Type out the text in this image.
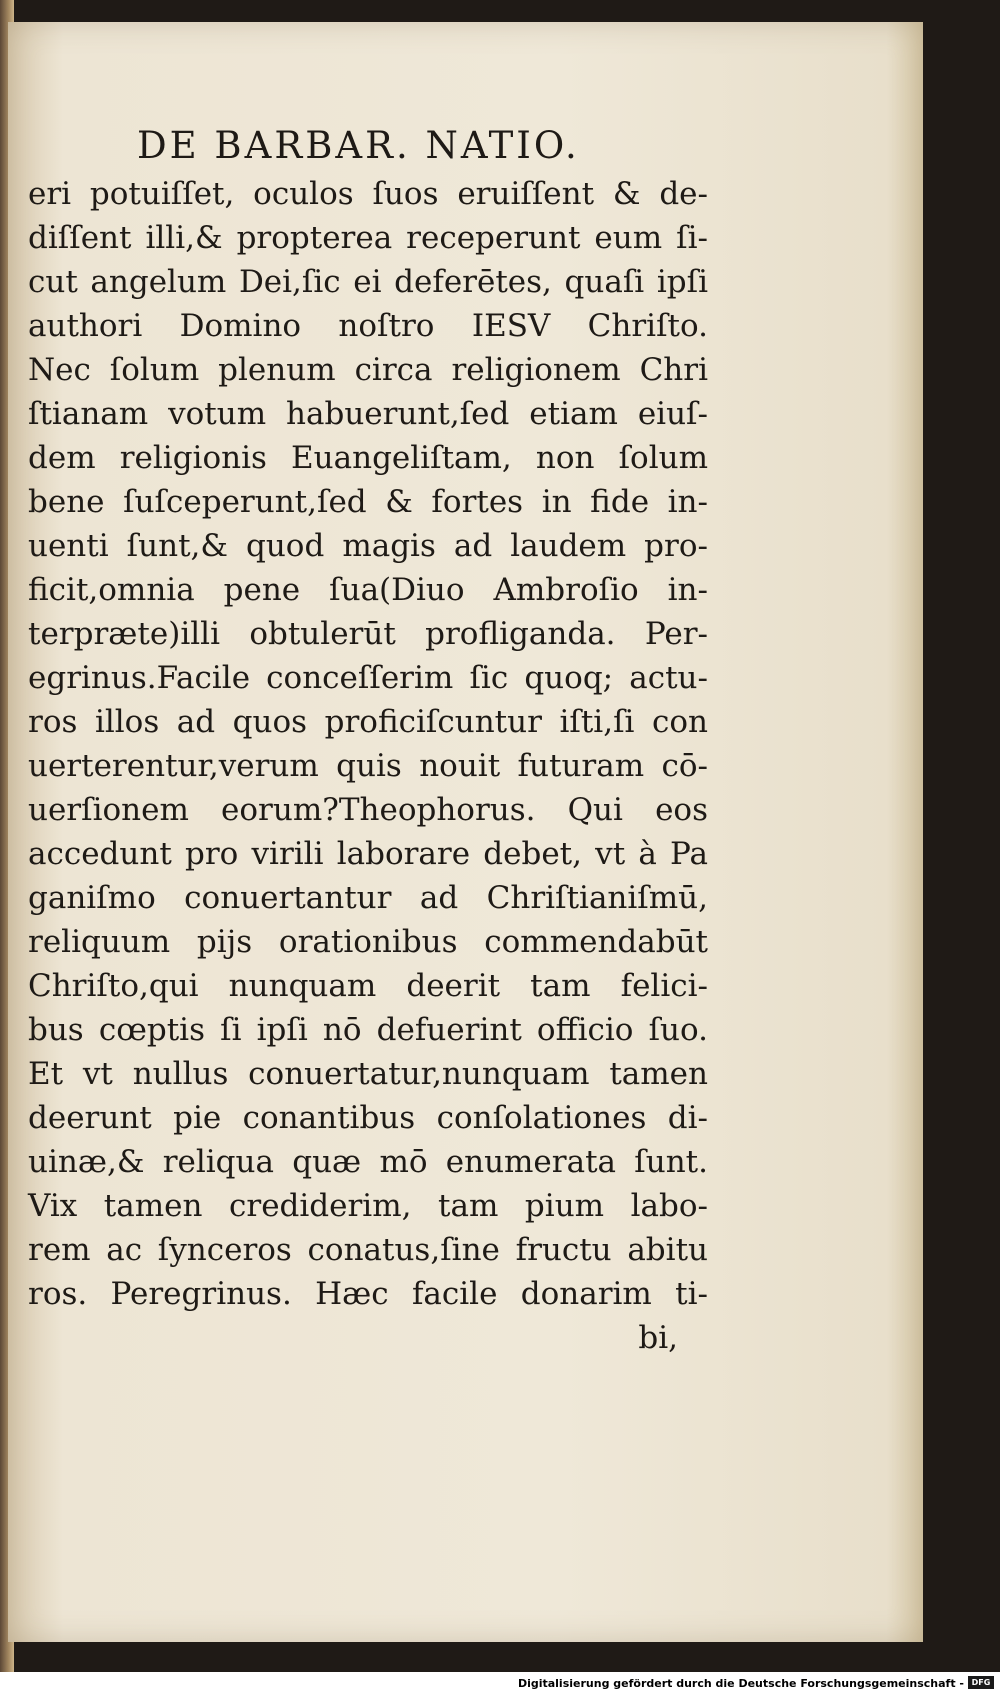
DE BARBAR. NATIO.
eri potuiſſet, oculos ſuos eruiſſent & de-
diſſent illi,& propterea receperunt eum ſi-
cut angelum Dei,ſic ei deferētes, quaſi ipſi
authori Domino noſtro IESV Chriſto.
Nec ſolum plenum circa religionem Chri
ſtianam votum habuerunt,ſed etiam eiuſ-
dem religionis Euangeliſtam, non ſolum
bene ſuſceperunt,ſed & fortes in fide in-
uenti ſunt,& quod magis ad laudem pro-
ficit,omnia pene ſua(Diuo Ambroſio in-
terpræte)illi obtulerūt profliganda. Per-
egrinus.Facile conceſſerim ſic quoq; actu-
ros illos ad quos proficiſcuntur iſti,ſi con
uerterentur,verum quis nouit futuram cō-
uerſionem eorum?Theophorus. Qui eos
accedunt pro virili laborare debet, vt à Pa
ganiſmo conuertantur ad Chriſtianiſmū,
reliquum pijs orationibus commendabūt
Chriſto,qui nunquam deerit tam felici-
bus cœptis ſi ipſi nō defuerint officio ſuo.
Et vt nullus conuertatur,nunquam tamen
deerunt pie conantibus conſolationes di-
uinæ,& reliqua quæ mō enumerata ſunt.
Vix tamen crediderim, tam pium labo-
rem ac ſynceros conatus,ſine fructu abitu
ros. Peregrinus. Hæc facile donarim ti-
bi,
Digitalisierung gefördert durch die Deutsche Forschungsgemeinschaft - DFG
